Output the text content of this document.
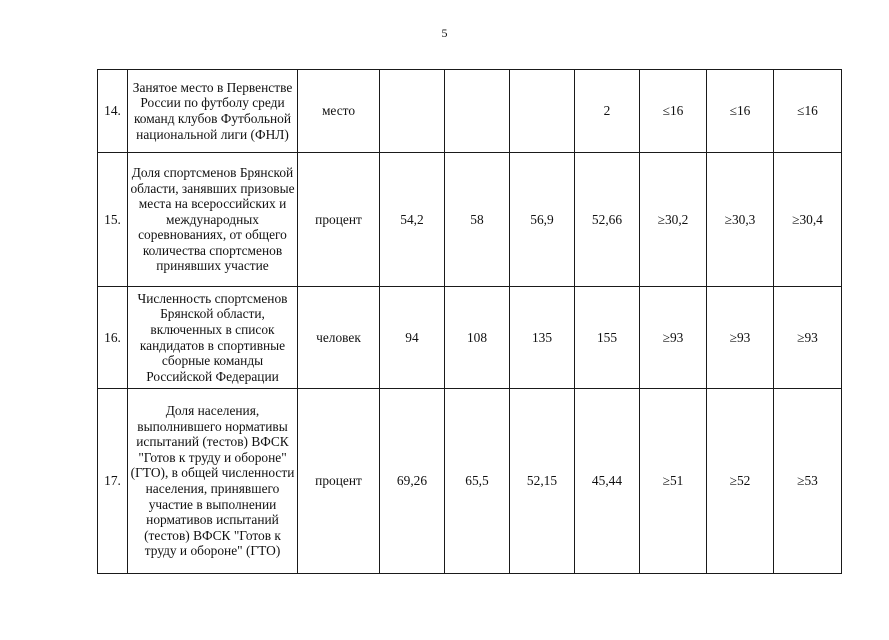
5
14.	Занятое место в Первенстве России по футболу среди команд клубов Футбольной национальной лиги (ФНЛ)	место				2	≤16	≤16	≤16
15.	Доля спортсменов Брянской области, занявших призовые места на всероссийских и международных соревнованиях, от общего количества спортсменов принявших участие	процент	54,2	58	56,9	52,66	≥30,2	≥30,3	≥30,4
16.	Численность спортсменов Брянской области, включенных в список кандидатов в спортивные сборные команды Российской Федерации	человек	94	108	135	155	≥93	≥93	≥93
17.	Доля населения, выполнившего нормативы испытаний (тестов) ВФСК "Готов к труду и обороне" (ГТО), в общей численности населения, принявшего участие в выполнении нормативов испытаний (тестов) ВФСК "Готов к труду и обороне" (ГТО)	процент	69,26	65,5	52,15	45,44	≥51	≥52	≥53
